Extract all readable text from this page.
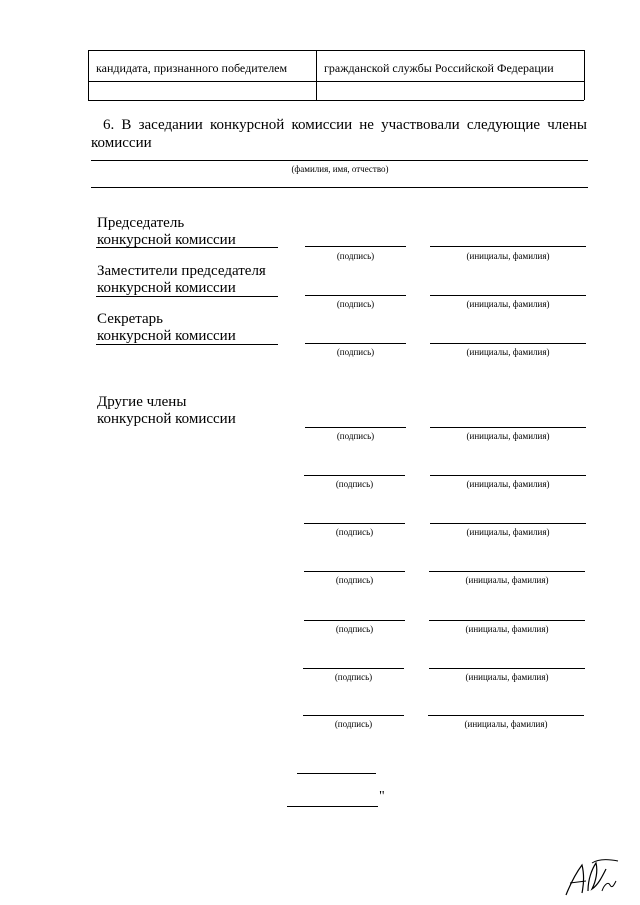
кандидата, признанного победителем	гражданской службы Российской Федерации
6. В заседании конкурсной комиссии не участвовали следующие члены комиссии
(фамилия, имя, отчество)
Председатель
конкурсной комиссии
(подпись)	(инициалы, фамилия)
Заместители председателя
конкурсной комиссии
(подпись)	(инициалы, фамилия)
Секретарь
конкурсной комиссии
(подпись)	(инициалы, фамилия)
Другие члены
конкурсной комиссии
(подпись)	(инициалы, фамилия)
(подпись)	(инициалы, фамилия)
(подпись)	(инициалы, фамилия)
(подпись)	(инициалы, фамилия)
(подпись)	(инициалы, фамилия)
(подпись)	(инициалы, фамилия)
(подпись)	(инициалы, фамилия)
"
